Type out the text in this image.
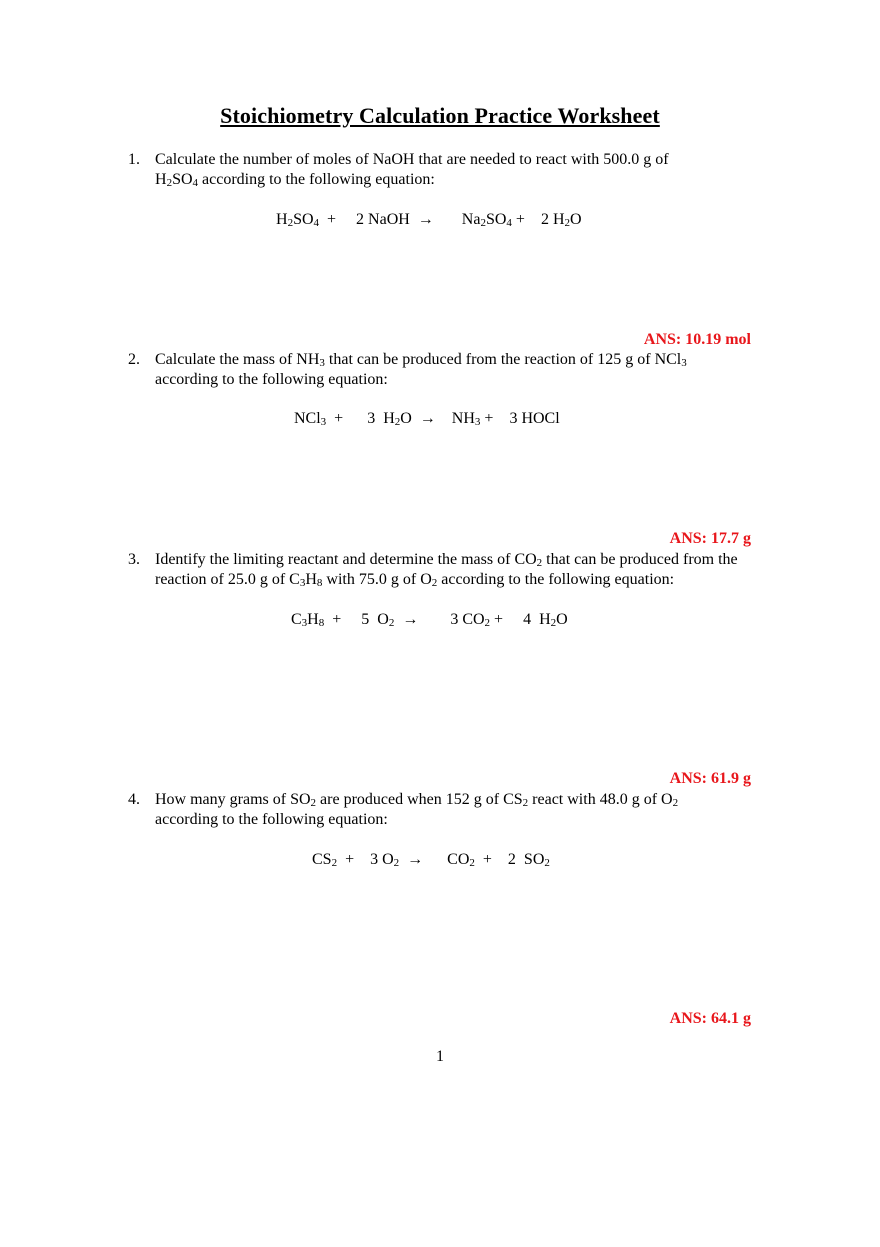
Stoichiometry Calculation Practice Worksheet
1. Calculate the number of moles of NaOH that are needed to react with 500.0 g of
$H_2SO_4$ according to the following equation:
$H_2SO_4$  +     2 NaOH  →       $Na_2SO_4$ +    2 $H_2O$
ANS: 10.19 mol
2. Calculate the mass of $NH_3$ that can be produced from the reaction of 125 g of NCl$_3$
according to the following equation:
NCl$_3$  +      3  $H_2O$  →    $NH_3$ +    3 HOCl
ANS: 17.7 g
3. Identify the limiting reactant and determine the mass of $CO_2$ that can be produced from the
reaction of 25.0 g of $C_3H_8$ with 75.0 g of $O_2$ according to the following equation:
$C_3H_8$  +     5  $O_2$  →        3 $CO_2$ +     4  $H_2O$
ANS: 61.9 g
4. How many grams of $SO_2$ are produced when 152 g of $CS_2$ react with 48.0 g of $O_2$
according to the following equation:
$CS_2$  +    3 $O_2$  →      $CO_2$  +    2  $SO_2$
ANS: 64.1 g
1
